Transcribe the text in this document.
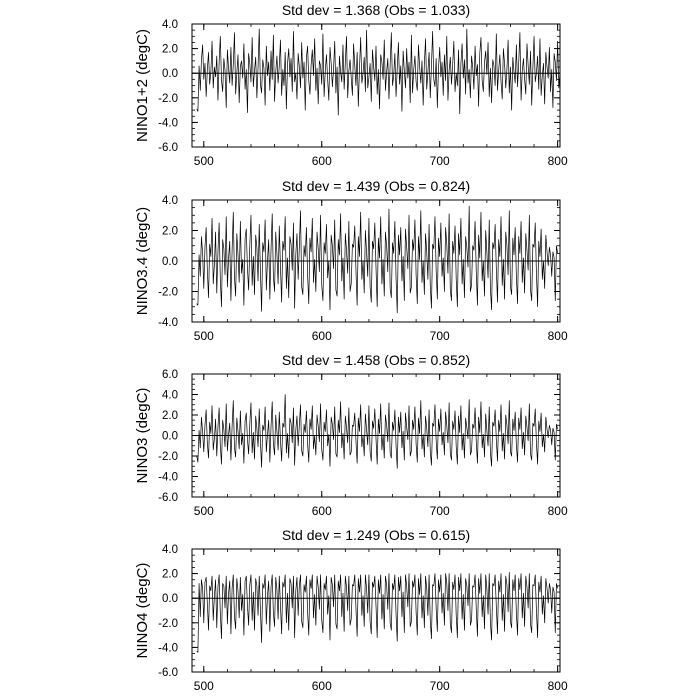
Std dev = 1.368 (Obs = 1.033)
NINO1+2 (degC)
4.0
2.0
0.0
-2.0
-4.0
-6.0
500	600	700	800
Std dev = 1.439 (Obs = 0.824)
NINO3.4 (degC)
4.0
2.0
0.0
-2.0
-4.0
500	600	700	800
Std dev = 1.458 (Obs = 0.852)
NINO3 (degC)
6.0
4.0
2.0
0.0
-2.0
-4.0
-6.0
500	600	700	800
Std dev = 1.249 (Obs = 0.615)
NINO4 (degC)
4.0
2.0
0.0
-2.0
-4.0
-6.0
500	600	700	800
